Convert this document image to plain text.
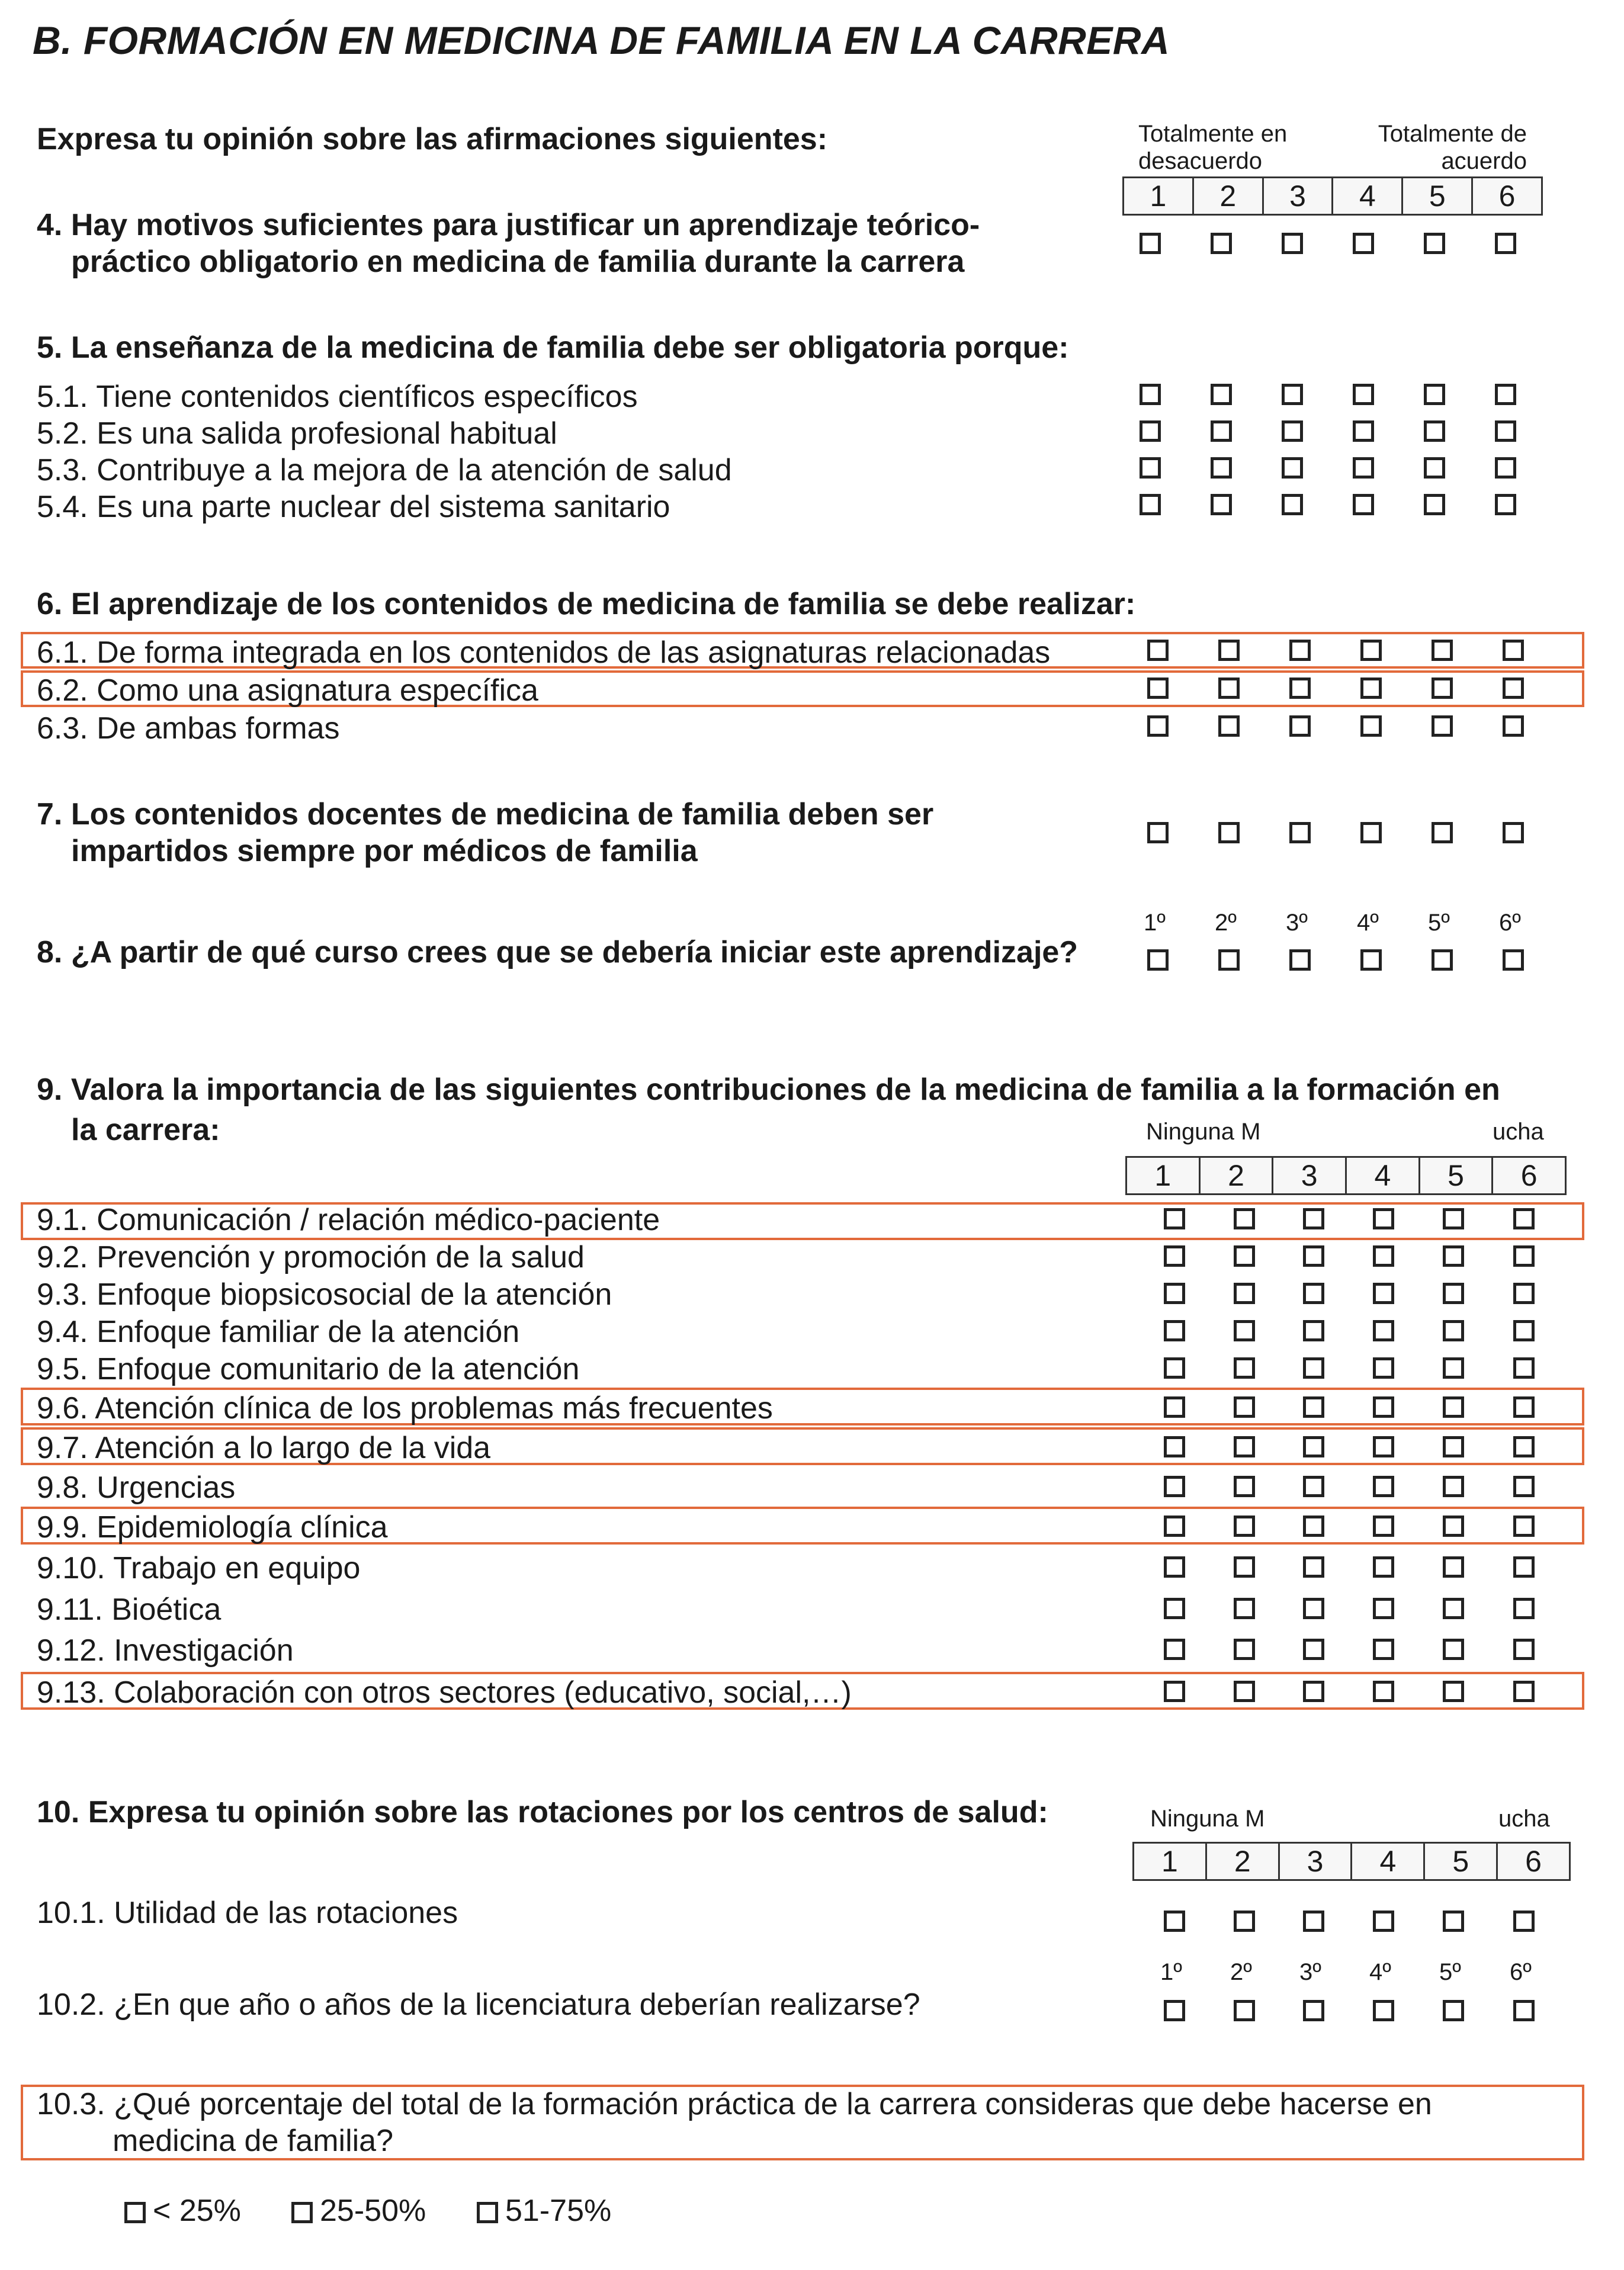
B. FORMACIÓN EN MEDICINA DE FAMILIA EN LA CARRERA
Expresa tu opinión sobre las afirmaciones siguientes:	Totalmente en
desacuerdo
Totalmente de
acuerdo
1	2	3	4	5	6
4. Hay motivos suficientes para justificar un aprendizaje teórico-
práctico obligatorio en medicina de familia durante la carrera
5. La enseñanza de la medicina de familia debe ser obligatoria porque:
5.1. Tiene contenidos científicos específicos
5.2. Es una salida profesional habitual
5.3. Contribuye a la mejora de la atención de salud
5.4. Es una parte nuclear del sistema sanitario
6. El aprendizaje de los contenidos de medicina de familia se debe realizar:
6.1. De forma integrada en los contenidos de las asignaturas relacionadas
6.2. Como una asignatura específica
6.3. De ambas formas
7. Los contenidos docentes de medicina de familia deben ser
impartidos siempre por médicos de familia
1º 2º 3º 4º 5º 6º
8. ¿A partir de qué curso crees que se debería iniciar este aprendizaje?
9. Valora la importancia de las siguientes contribuciones de la medicina de familia a la formación en
la carrera:	Ninguna M	ucha
1	2	3	4	5	6
9.1. Comunicación / relación médico-paciente
9.2. Prevención y promoción de la salud
9.3. Enfoque biopsicosocial de la atención
9.4. Enfoque familiar de la atención
9.5. Enfoque comunitario de la atención
9.6. Atención clínica de los problemas más frecuentes
9.7. Atención a lo largo de la vida
9.8. Urgencias
9.9. Epidemiología clínica
9.10. Trabajo en equipo
9.11. Bioética
9.12. Investigación
9.13. Colaboración con otros sectores (educativo, social,…)
10. Expresa tu opinión sobre las rotaciones por los centros de salud:	Ninguna M	ucha
1	2	3	4	5	6
10.1. Utilidad de las rotaciones
1º 2º 3º 4º 5º 6º
10.2. ¿En que año o años de la licenciatura deberían realizarse?
10.3. ¿Qué porcentaje del total de la formación práctica de la carrera consideras que debe hacerse en
medicina de familia?
< 25%	25-50%	51-75%
